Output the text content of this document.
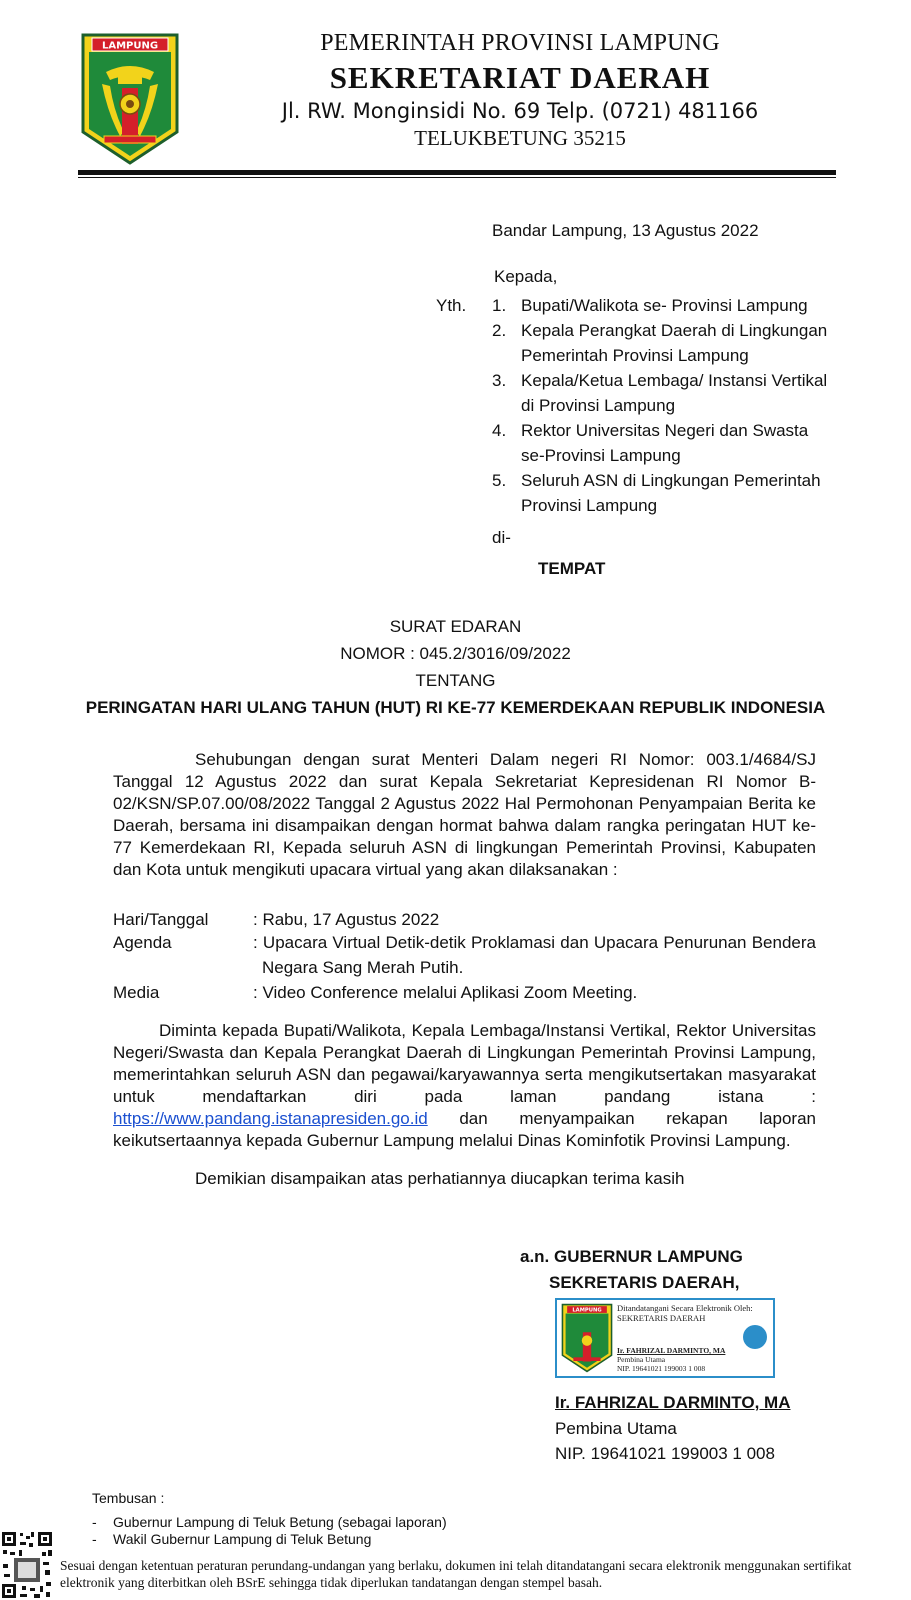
LAMPUNG	PEMERINTAH PROVINSI LAMPUNG
SEKRETARIAT DAERAH
Jl. RW. Monginsidi No. 69 Telp. (0721) 481166
TELUKBETUNG 35215
Bandar Lampung, 13 Agustus 2022
Kepada,
Yth. 1. Bupati/Walikota se- Provinsi Lampung
2. Kepala Perangkat Daerah di Lingkungan Pemerintah Provinsi Lampung
3. Kepala/Ketua Lembaga/ Instansi Vertikal di Provinsi Lampung
4. Rektor Universitas Negeri dan Swasta se-Provinsi Lampung
5. Seluruh ASN di Lingkungan Pemerintah Provinsi Lampung
di-
TEMPAT
SURAT EDARAN
NOMOR : 045.2/3016/09/2022
TENTANG
PERINGATAN HARI ULANG TAHUN (HUT) RI KE-77 KEMERDEKAAN REPUBLIK INDONESIA

Sehubungan dengan surat Menteri Dalam negeri RI Nomor: 003.1/4684/SJ Tanggal 12 Agustus 2022 dan surat Kepala Sekretariat Kepresidenan RI Nomor B-02/KSN/SP.07.00/08/2022 Tanggal 2 Agustus 2022 Hal Permohonan Penyampaian Berita ke Daerah, bersama ini disampaikan dengan hormat bahwa dalam rangka peringatan HUT ke-77 Kemerdekaan RI, Kepada seluruh ASN di lingkungan Pemerintah Provinsi, Kabupaten dan Kota untuk mengikuti upacara virtual yang akan dilaksanakan :

Hari/Tanggal	: Rabu, 17 Agustus 2022
Agenda	: Upacara Virtual Detik-detik Proklamasi dan Upacara Penurunan Bendera
Negara Sang Merah Putih.
Media	: Video Conference melalui Aplikasi Zoom Meeting.

Diminta kepada Bupati/Walikota, Kepala Lembaga/Instansi Vertikal, Rektor Universitas Negeri/Swasta dan Kepala Perangkat Daerah di Lingkungan Pemerintah Provinsi Lampung, memerintahkan seluruh ASN dan pegawai/karyawannya serta mengikutsertakan masyarakat untuk mendaftarkan diri pada laman pandang istana : https://www.pandang.istanapresiden.go.id dan menyampaikan rekapan laporan keikutsertaannya kepada Gubernur Lampung melalui Dinas Kominfotik Provinsi Lampung.

Demikian disampaikan atas perhatiannya diucapkan terima kasih
a.n. GUBERNUR LAMPUNG
SEKRETARIS DAERAH,
LAMPUNG Ditandatangani Secara Elektronik Oleh:
SEKRETARIS DAERAH
Ir. FAHRIZAL DARMINTO, MA
Pembina Utama
NIP. 19641021 199003 1 008
Ir. FAHRIZAL DARMINTO, MA
Pembina Utama
NIP. 19641021 199003 1 008
Tembusan :
- Gubernur Lampung di Teluk Betung (sebagai laporan)
- Wakil Gubernur Lampung di Teluk Betung
Sesuai dengan ketentuan peraturan perundang-undangan yang berlaku, dokumen ini telah ditandatangani secara elektronik menggunakan sertifikat elektronik yang diterbitkan oleh BSrE sehingga tidak diperlukan tandatangan dengan stempel basah.
